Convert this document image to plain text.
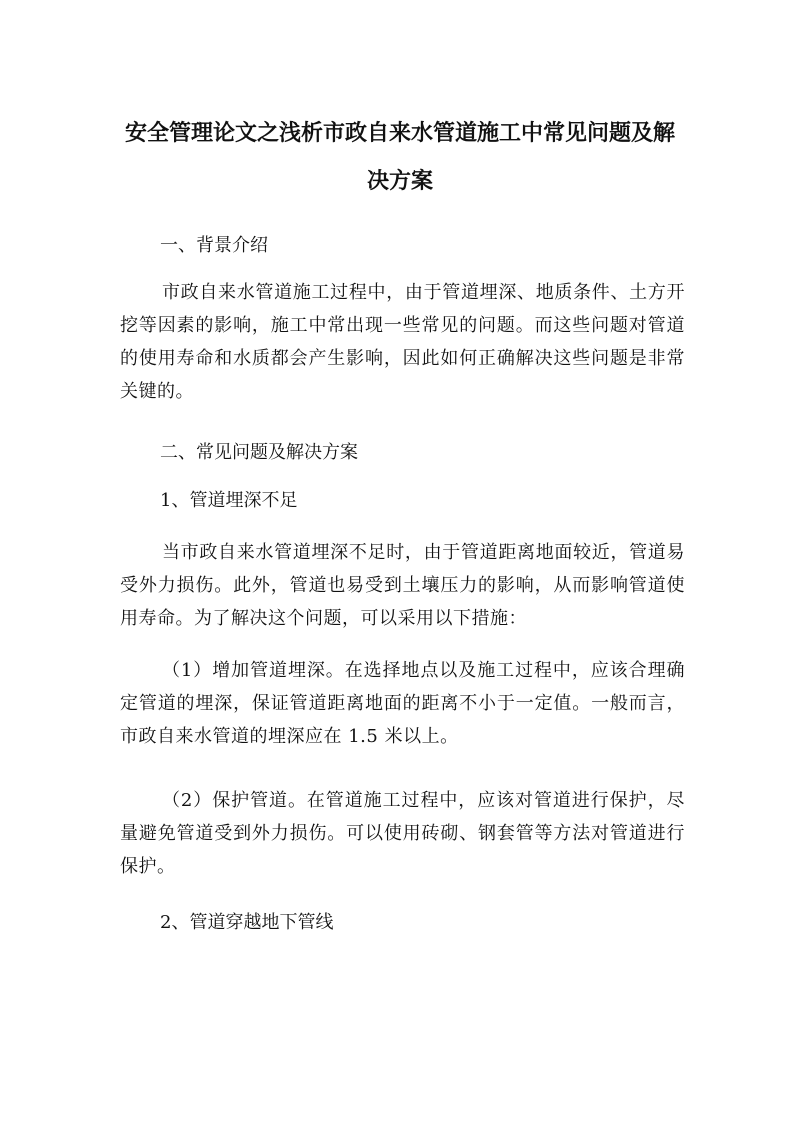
安全管理论文之浅析市政自来水管道施工中常见问题及解
决方案

一、背景介绍

市政自来水管道施工过程中，由于管道埋深、地质条件、土方开挖等因素的影响，施工中常出现一些常见的问题。而这些问题对管道的使用寿命和水质都会产生影响，因此如何正确解决这些问题是非常关键的。

二、常见问题及解决方案

1、管道埋深不足

当市政自来水管道埋深不足时，由于管道距离地面较近，管道易受外力损伤。此外，管道也易受到土壤压力的影响，从而影响管道使用寿命。为了解决这个问题，可以采用以下措施：

（1）增加管道埋深。在选择地点以及施工过程中，应该合理确定管道的埋深，保证管道距离地面的距离不小于一定值。一般而言，市政自来水管道的埋深应在 1.5 米以上。

（2）保护管道。在管道施工过程中，应该对管道进行保护，尽量避免管道受到外力损伤。可以使用砖砌、钢套管等方法对管道进行保护。

2、管道穿越地下管线
